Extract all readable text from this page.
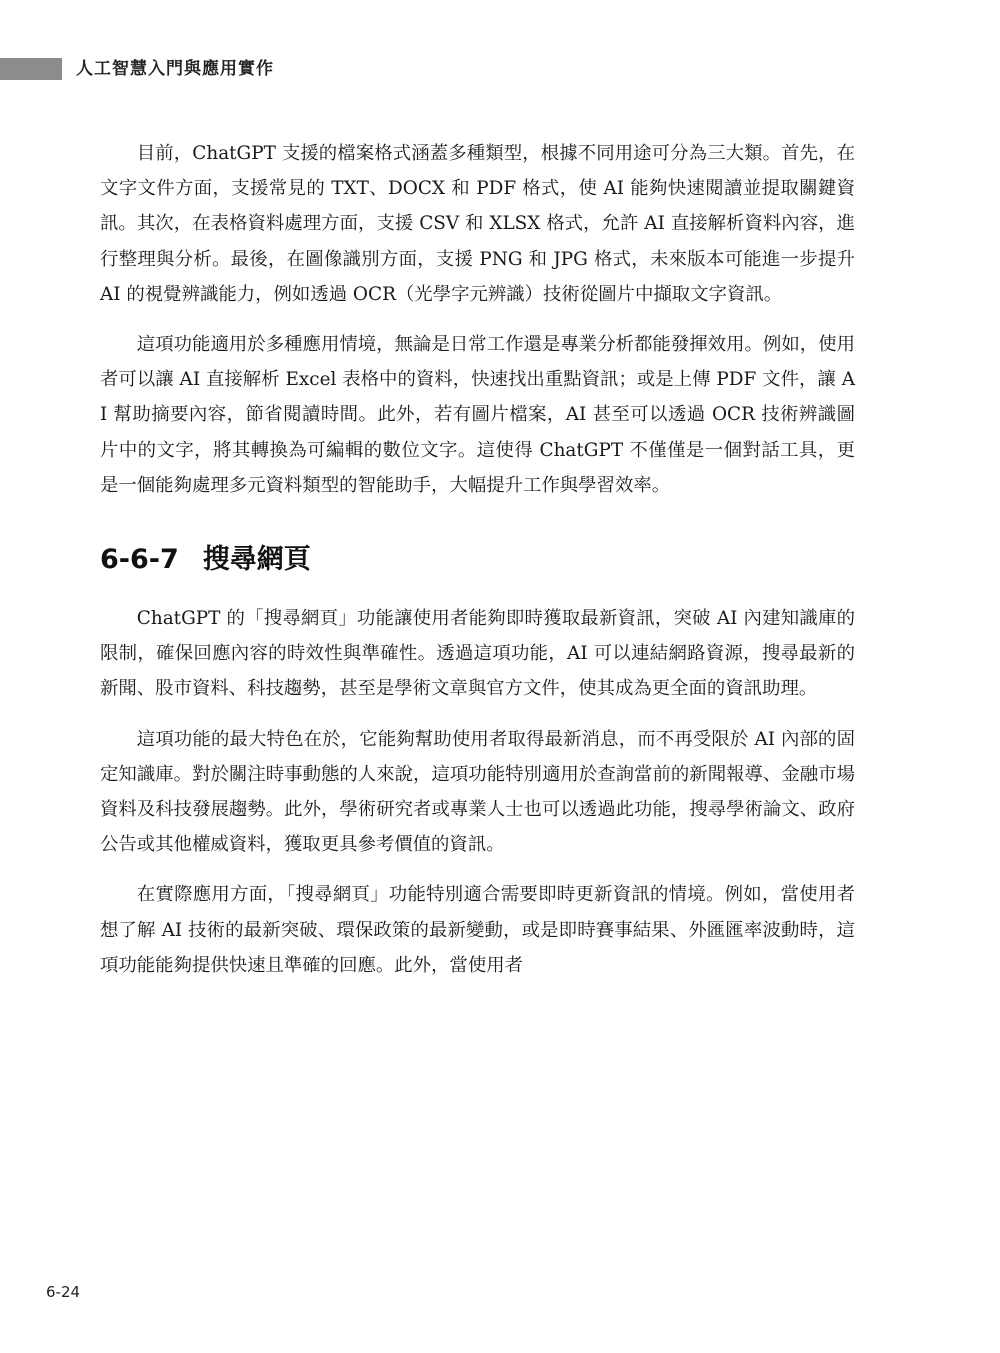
人工智慧入門與應用實作

目前，ChatGPT 支援的檔案格式涵蓋多種類型，根據不同用途可分為三大類。首先，在文字文件方面，支援常見的 TXT、DOCX 和 PDF 格式，使 AI 能夠快速閱讀並提取關鍵資訊。其次，在表格資料處理方面，支援 CSV 和 XLSX 格式，允許 AI 直接解析資料內容，進行整理與分析。最後，在圖像識別方面，支援 PNG 和 JPG 格式，未來版本可能進一步提升 AI 的視覺辨識能力，例如透過 OCR（光學字元辨識）技術從圖片中擷取文字資訊。

這項功能適用於多種應用情境，無論是日常工作還是專業分析都能發揮效用。例如，使用者可以讓 AI 直接解析 Excel 表格中的資料，快速找出重點資訊；或是上傳 PDF 文件，讓 AI 幫助摘要內容，節省閱讀時間。此外，若有圖片檔案，AI 甚至可以透過 OCR 技術辨識圖片中的文字，將其轉換為可編輯的數位文字。這使得 ChatGPT 不僅僅是一個對話工具，更是一個能夠處理多元資料類型的智能助手，大幅提升工作與學習效率。

6-6-7 搜尋網頁

ChatGPT 的「搜尋網頁」功能讓使用者能夠即時獲取最新資訊，突破 AI 內建知識庫的限制，確保回應內容的時效性與準確性。透過這項功能，AI 可以連結網路資源，搜尋最新的新聞、股市資料、科技趨勢，甚至是學術文章與官方文件，使其成為更全面的資訊助理。

這項功能的最大特色在於，它能夠幫助使用者取得最新消息，而不再受限於 AI 內部的固定知識庫。對於關注時事動態的人來說，這項功能特別適用於查詢當前的新聞報導、金融市場資料及科技發展趨勢。此外，學術研究者或專業人士也可以透過此功能，搜尋學術論文、政府公告或其他權威資料，獲取更具參考價值的資訊。

在實際應用方面，「搜尋網頁」功能特別適合需要即時更新資訊的情境。例如，當使用者想了解 AI 技術的最新突破、環保政策的最新變動，或是即時賽事結果、外匯匯率波動時，這項功能能夠提供快速且準確的回應。此外，當使用者

6-24
